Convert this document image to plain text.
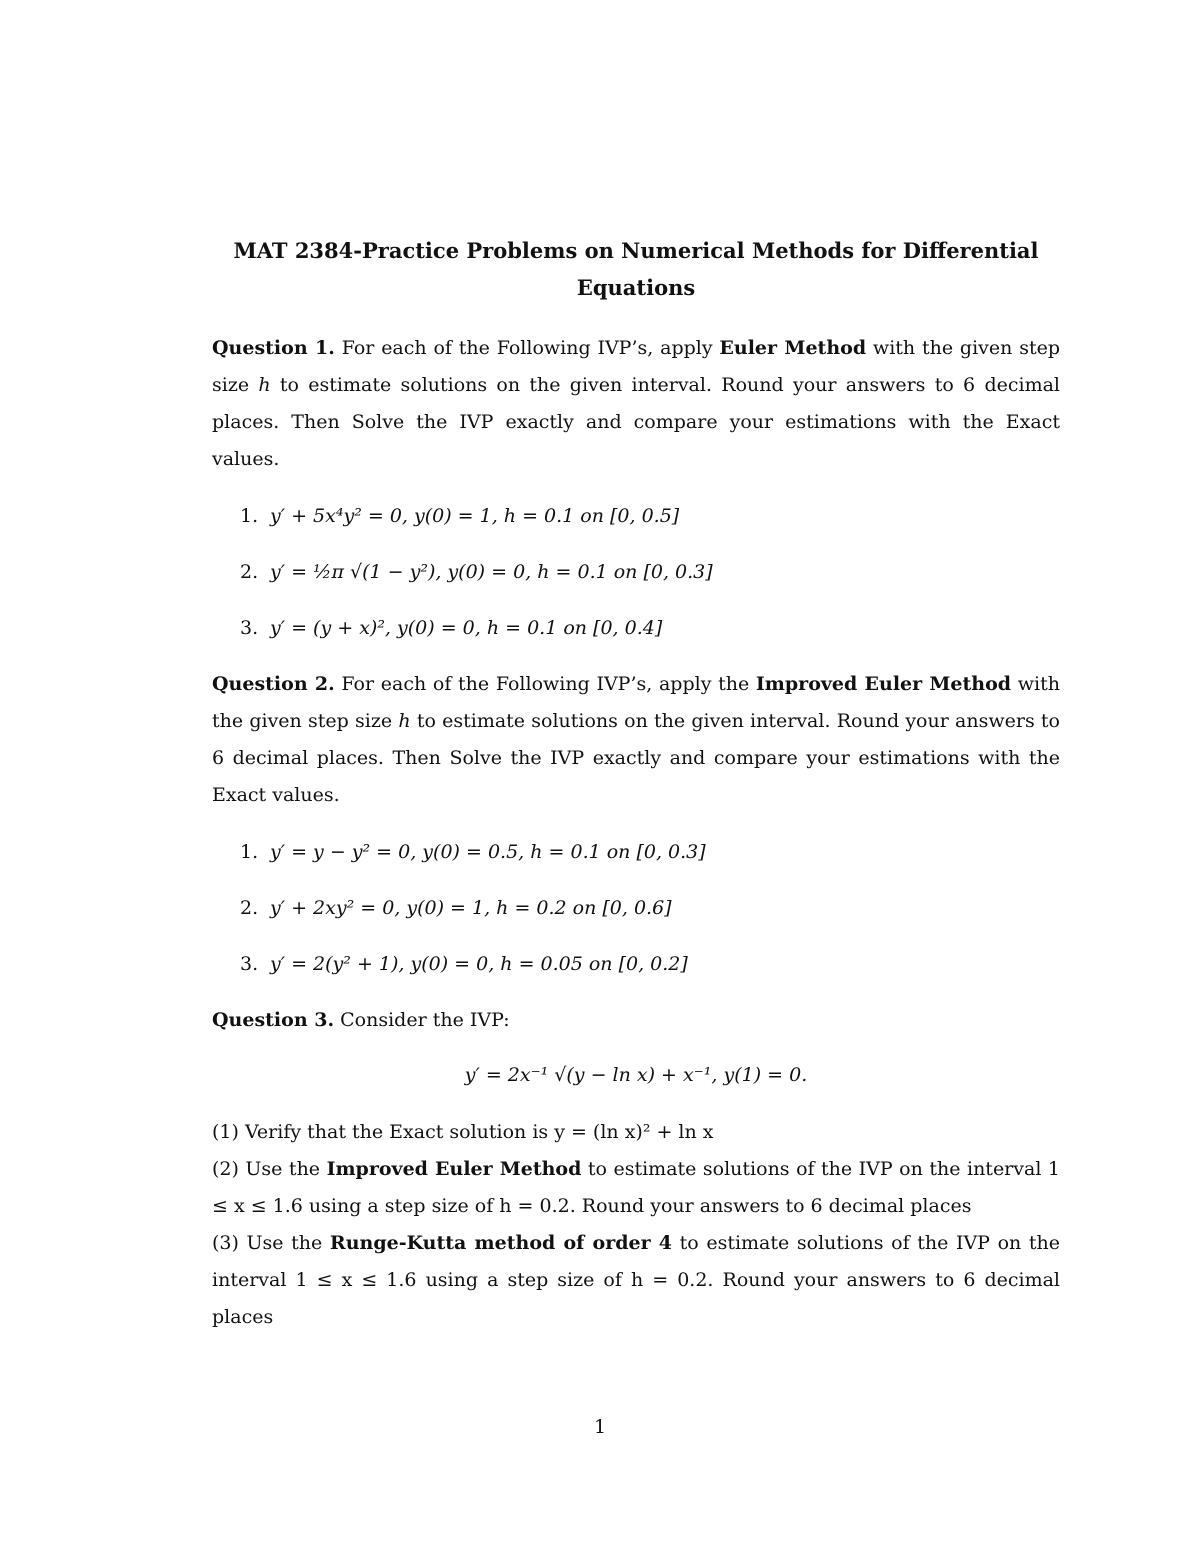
MAT 2384-Practice Problems on Numerical Methods for Differential
Equations

Question 1. For each of the Following IVP’s, apply Euler Method with the given step size h to estimate solutions on the given interval. Round your answers to 6 decimal places. Then Solve the IVP exactly and compare your estimations with the Exact values.

1. y′ + 5x⁴y² = 0, y(0) = 1, h = 0.1 on [0, 0.5]
2. y′ = ½π √(1 − y²), y(0) = 0, h = 0.1 on [0, 0.3]
3. y′ = (y + x)², y(0) = 0, h = 0.1 on [0, 0.4]

Question 2. For each of the Following IVP’s, apply the Improved Euler Method with the given step size h to estimate solutions on the given interval. Round your answers to 6 decimal places. Then Solve the IVP exactly and compare your estimations with the Exact values.

1. y′ = y − y² = 0, y(0) = 0.5, h = 0.1 on [0, 0.3]
2. y′ + 2xy² = 0, y(0) = 1, h = 0.2 on [0, 0.6]
3. y′ = 2(y² + 1), y(0) = 0, h = 0.05 on [0, 0.2]

Question 3. Consider the IVP:

y′ = 2x⁻¹ √(y − ln x) + x⁻¹, y(1) = 0.

(1) Verify that the Exact solution is y = (ln x)² + ln x

(2) Use the Improved Euler Method to estimate solutions of the IVP on the interval 1 ≤ x ≤ 1.6 using a step size of h = 0.2. Round your answers to 6 decimal places

(3) Use the Runge-Kutta method of order 4 to estimate solutions of the IVP on the interval 1 ≤ x ≤ 1.6 using a step size of h = 0.2. Round your answers to 6 decimal places

1
